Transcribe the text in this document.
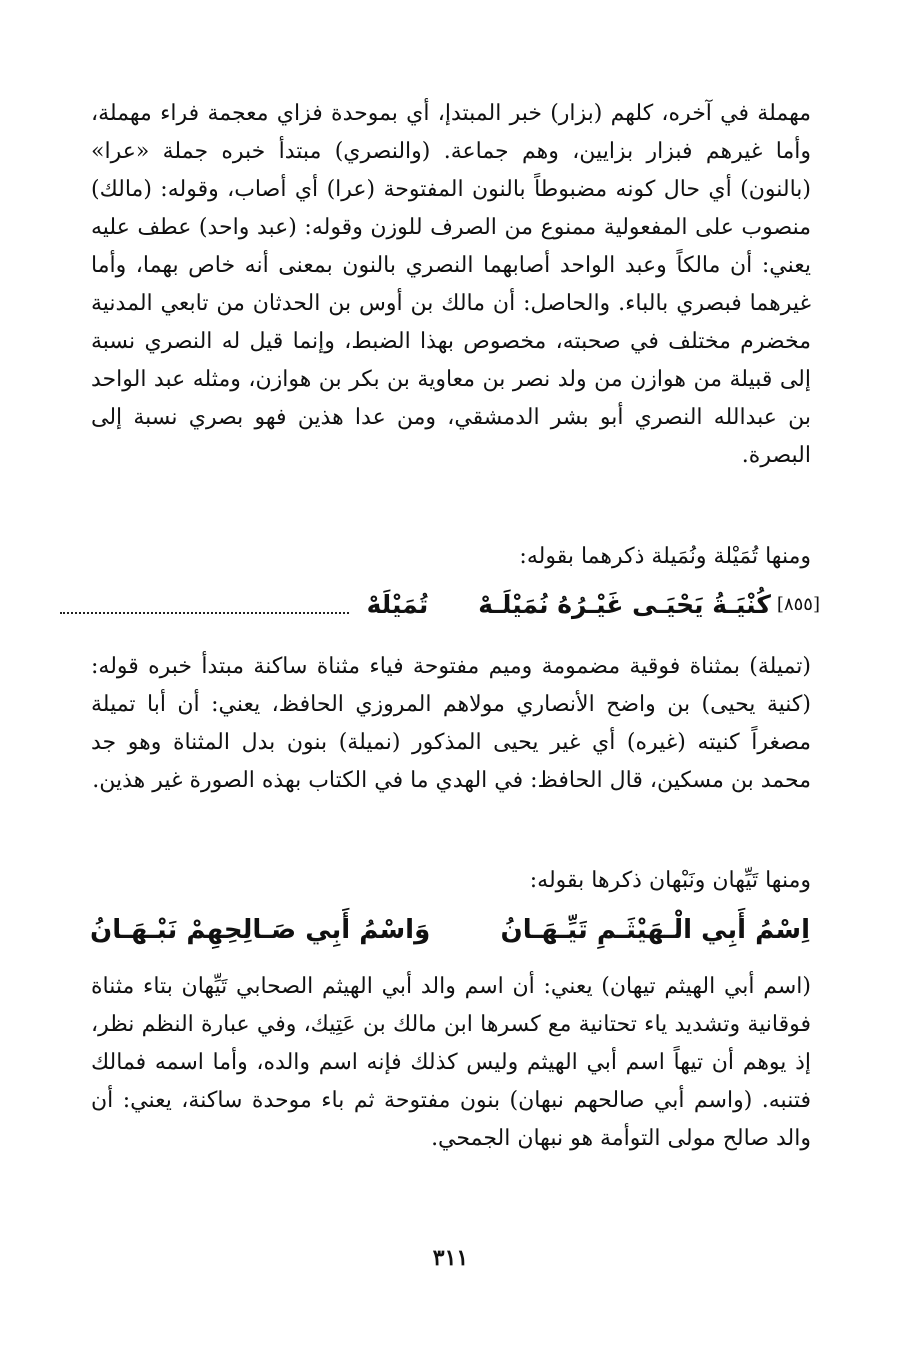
مهملة في آخره، كلهم (بزار) خبر المبتدإ، أي بموحدة فزاي معجمة فراء مهملة، وأما غيرهم فبزار بزايين، وهم جماعة. (والنصري) مبتدأ خبره جملة «عرا» (بالنون) أي حال كونه مضبوطاً بالنون المفتوحة (عرا) أي أصاب، وقوله: (مالك) منصوب على المفعولية ممنوع من الصرف للوزن وقوله: (عبد واحد) عطف عليه يعني: أن مالكاً وعبد الواحد أصابهما النصري بالنون بمعنى أنه خاص بهما، وأما غيرهما فبصري بالباء. والحاصل: أن مالك بن أوس بن الحدثان من تابعي المدنية مخضرم مختلف في صحبته، مخصوص بهذا الضبط، وإنما قيل له النصري نسبة إلى قبيلة من هوازن من ولد نصر بن معاوية بن بكر بن هوازن، ومثله عبد الواحد بن عبدالله النصري أبو بشر الدمشقي، ومن عدا هذين فهو بصري نسبة إلى البصرة.

ومنها تُمَيْلة ونُمَيلة ذكرهما بقوله:

[٨٥٥]
كُنْيَـةُ يَحْيَـى غَيْـرُهُ نُمَيْلَـهْ
تُمَيْلَهْ

(تميلة) بمثناة فوقية مضمومة وميم مفتوحة فياء مثناة ساكنة مبتدأ خبره قوله: (كنية يحيى) بن واضح الأنصاري مولاهم المروزي الحافظ، يعني: أن أبا تميلة مصغراً كنيته (غيره) أي غير يحيى المذكور (نميلة) بنون بدل المثناة وهو جد محمد بن مسكين، قال الحافظ: في الهدي ما في الكتاب بهذه الصورة غير هذين.

ومنها تَيِّهان ونَبْهان ذكرها بقوله:

اِسْمُ أَبِي الْـهَيْثَـمِ تَيِّـهَـانُ
وَاسْمُ أَبِي صَـالِحِهِمْ نَبْـهَـانُ

(اسم أبي الهيثم تيهان) يعني: أن اسم والد أبي الهيثم الصحابي تَيِّهان بتاء مثناة فوقانية وتشديد ياء تحتانية مع كسرها ابن مالك بن عَتِيك، وفي عبارة النظم نظر، إذ يوهم أن تيهاً اسم أبي الهيثم وليس كذلك فإنه اسم والده، وأما اسمه فمالك فتنبه. (واسم أبي صالحهم نبهان) بنون مفتوحة ثم باء موحدة ساكنة، يعني: أن والد صالح مولى التوأمة هو نبهان الجمحي.

٣١١
